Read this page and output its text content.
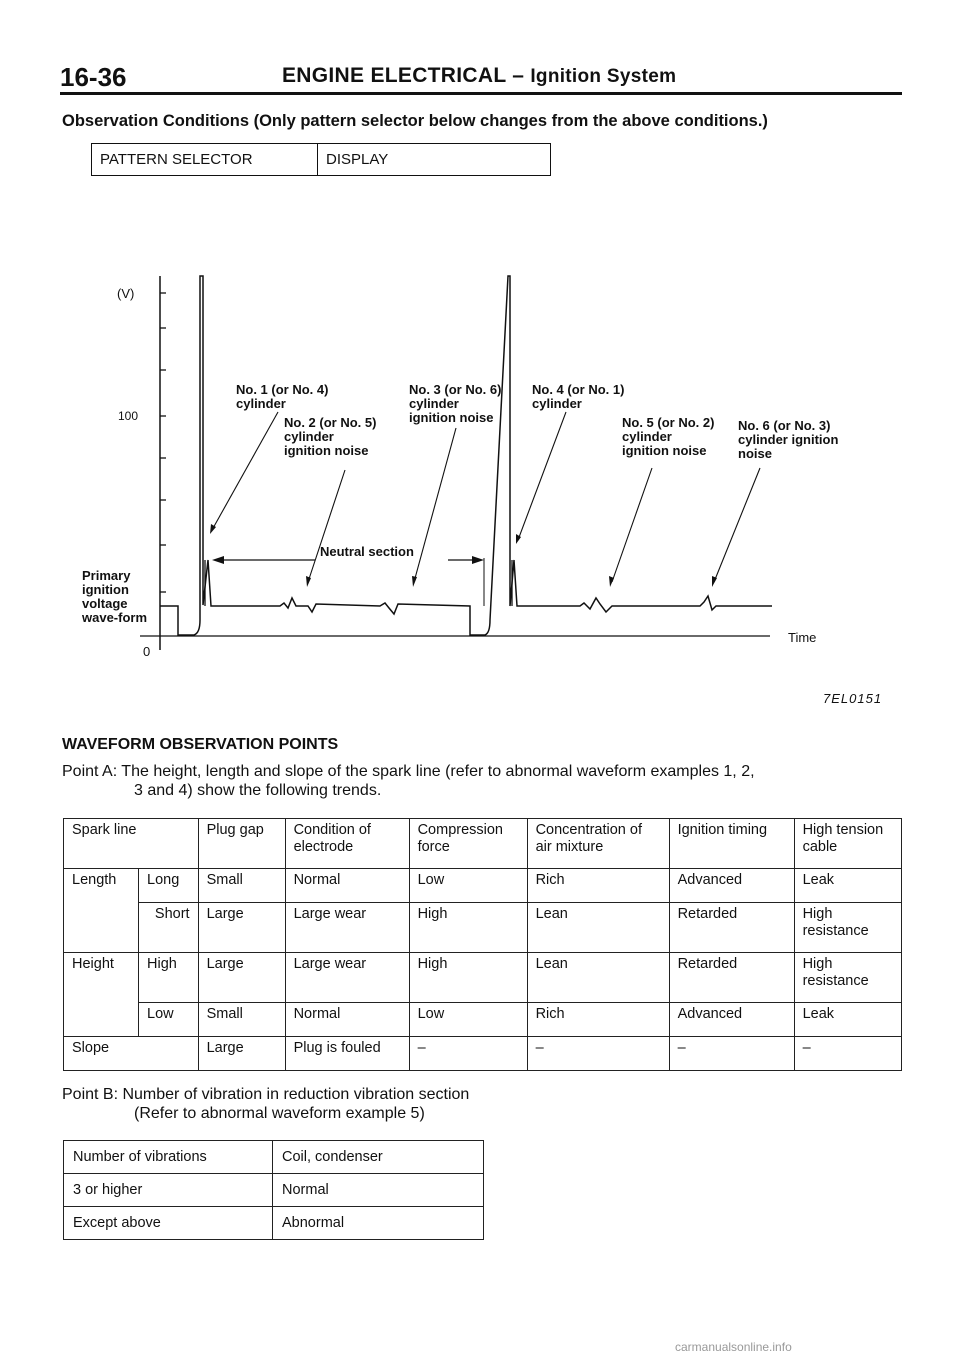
16-36	ENGINE ELECTRICAL – Ignition System
Observation Conditions (Only pattern selector below changes from the above conditions.)
PATTERN SELECTOR	DISPLAY
(V)
100
0
Primary
ignition
voltage
wave-form
Time
Neutral section
No. 1 (or No. 4)
cylinder
No. 2 (or No. 5)
cylinder
ignition noise
No. 3 (or No. 6)
cylinder
ignition noise
No. 4 (or No. 1)
cylinder
No. 5 (or No. 2)
cylinder
ignition noise
No. 6 (or No. 3)
cylinder ignition
noise
7EL0151
WAVEFORM OBSERVATION POINTS
Point A: The height, length and slope of the spark line (refer to abnormal waveform examples 1, 2,
3 and 4) show the following trends.
Spark line		Plug gap	Condition of electrode	Compression force	Concentration of air mixture	Ignition timing	High tension cable
Length	Long	Small	Normal	Low	Rich	Advanced	Leak
	Short	Large	Large wear	High	Lean	Retarded	High resistance
Height	High	Large	Large wear	High	Lean	Retarded	High resistance
	Low	Small	Normal	Low	Rich	Advanced	Leak
Slope		Large	Plug is fouled	–	–	–	–
Point B: Number of vibration in reduction vibration section
(Refer to abnormal waveform example 5)
Number of vibrations	Coil, condenser
3 or higher	Normal
Except above	Abnormal
carmanualsonline.info
